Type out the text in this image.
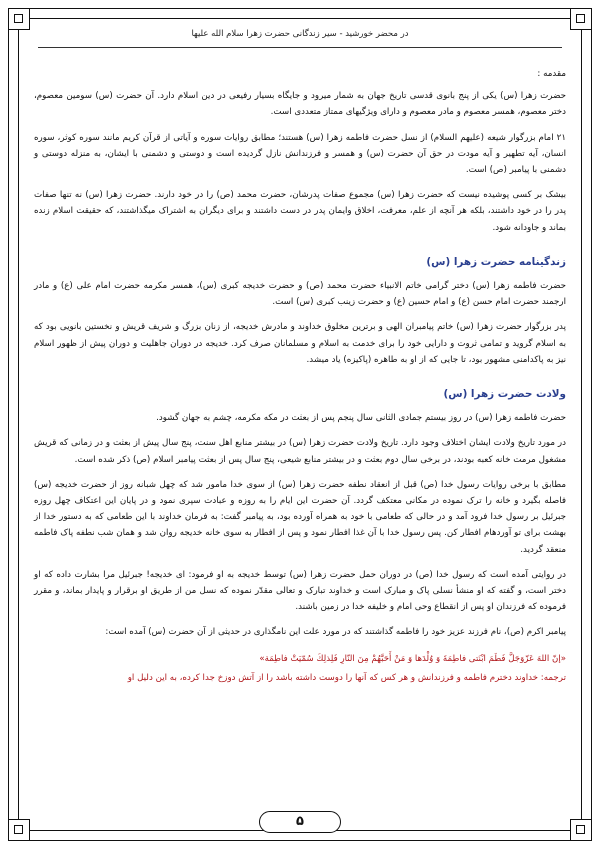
در محضر خورشید - سیر زندگانی حضرت زهرا سلام الله علیها

مقدمه :

حضرت زهرا (س) یکی از پنج بانوی قدسی تاریخ جهان به شمار میرود و جایگاه بسیار رفیعی در دین اسلام دارد. آن حضرت (س) سومین معصوم، دختر معصوم، همسر معصوم و مادر معصوم و دارای ویژگیهای ممتاز متعددی است.

۲۱ امام بزرگوار شیعه (علیهم السلام) از نسل حضرت فاطمه زهرا (س) هستند؛ مطابق روایات سوره و آیاتی از قرآن کریم مانند سوره کوثر، سوره انسان، آیه تطهیر و آیه مودت در حق آن حضرت (س) و همسر و فرزندانش نازل گردیده است و دوستی و دشمنی با ایشان، به منزله دوستی و دشمنی با پیامبر (ص) است.

بیشک بر کسی پوشیده نیست که حضرت زهرا (س) مجموع صفات پدرشان، حضرت محمد (ص) را در خود دارند. حضرت زهرا (س) نه تنها صفات پدر را در خود داشتند، بلکه هر آنچه از علم، معرفت، اخلاق وایمان پدر در دست داشتند و برای دیگران به اشتراک میگذاشتند، که حقیقت اسلام زنده بماند و جاودانه شود.

زندگینامه حضرت زهرا (س)

حضرت فاطمه زهرا (س) دختر گرامی خاتم الانبیاء حضرت محمد (ص) و حضرت خدیجه کبری (س)، همسر مکرمه حضرت امام علی (ع) و مادر ارجمند حضرت امام حسن (ع) و امام حسین (ع) و حضرت زینب کبری (س) است.

پدر بزرگوار حضرت زهرا (س) خاتم پیامبران الهی و برترین مخلوق خداوند و مادرش خدیجه، از زنان بزرگ و شریف قریش و نخستین بانویی بود که به اسلام گروید و تمامی ثروت و دارایی خود را برای خدمت به اسلام و مسلمانان صرف کرد. خدیجه در دوران جاهلیت و دوران پیش از ظهور اسلام نیز به پاکدامنی مشهور بود، تا جایی که از او به طاهره (پاکیزه) یاد میشد.

ولادت حضرت زهرا (س)

حضرت فاطمه زهرا (س) در روز بیستم جمادی الثانی سال پنجم پس از بعثت در مکه مکرمه، چشم به جهان گشود.

در مورد تاریخ ولادت ایشان اختلاف وجود دارد. تاریخ ولادت حضرت زهرا (س) در بیشتر منابع اهل سنت، پنج سال پیش از بعثت و در زمانی که قریش مشغول مرمت خانه کعبه بودند، در برخی سال دوم بعثت و در بیشتر منابع شیعی، پنج سال پس از بعثت پیامبر اسلام (ص) ذکر شده است.

مطابق با برخی روایات رسول خدا (ص) قبل از انعقاد نطفه حضرت زهرا (س) از سوی خدا مامور شد که چهل شبانه روز از حضرت خدیجه (س) فاصله بگیرد و خانه را ترک نموده در مکانی معتکف گردد. آن حضرت این ایام را به روزه و عبادت سپری نمود و در پایان این اعتکاف چهل روزه جبرئیل بر رسول خدا فرود آمد و در حالی که طعامی با خود به همراه آورده بود، به پیامبر گفت: به فرمان خداوند با این طعامی که به دستور خدا از بهشت برای تو آوردهام افطار کن. پس رسول خدا با آن غذا افطار نمود و پس از افطار به سوی خانه خدیجه روان شد و همان شب نطفه پاک فاطمه منعقد گردید.

در روایتی آمده است که رسول خدا (ص) در دوران حمل حضرت زهرا (س) توسط خدیجه به او فرمود: ای خدیجه! جبرئیل مرا بشارت داده که او دختر است، و گفته که او منشأ نسلی پاک و مبارک است و خداوند تبارک و تعالی مقدّر نموده که نسل من از طریق او برقرار و پایدار بماند، و مقرر فرموده که فرزندان او پس از انقطاع وحی امام و خلیفه خدا در زمین باشند.

پیامبر اکرم (ص)، نام فرزند عزیز خود را فاطمه گذاشتند که در مورد علت این نامگذاری در حدیثی از آن حضرت (س) آمده است:

«إنّ اللهَ عَزّوَجَلَّ فَطَمَ ابْنَتی فاطِمَةَ وَ وُلْدَها وَ مَنْ أَحَبَّهُمْ مِنَ النّارِ فَلِذلِكَ سُمّيَتْ فاطِمَة»

ترجمه: خداوند دخترم فاطمه و فرزندانش و هر کس که آنها را دوست داشته باشد را از آتش دوزخ جدا کرده، به این دلیل او

۵
